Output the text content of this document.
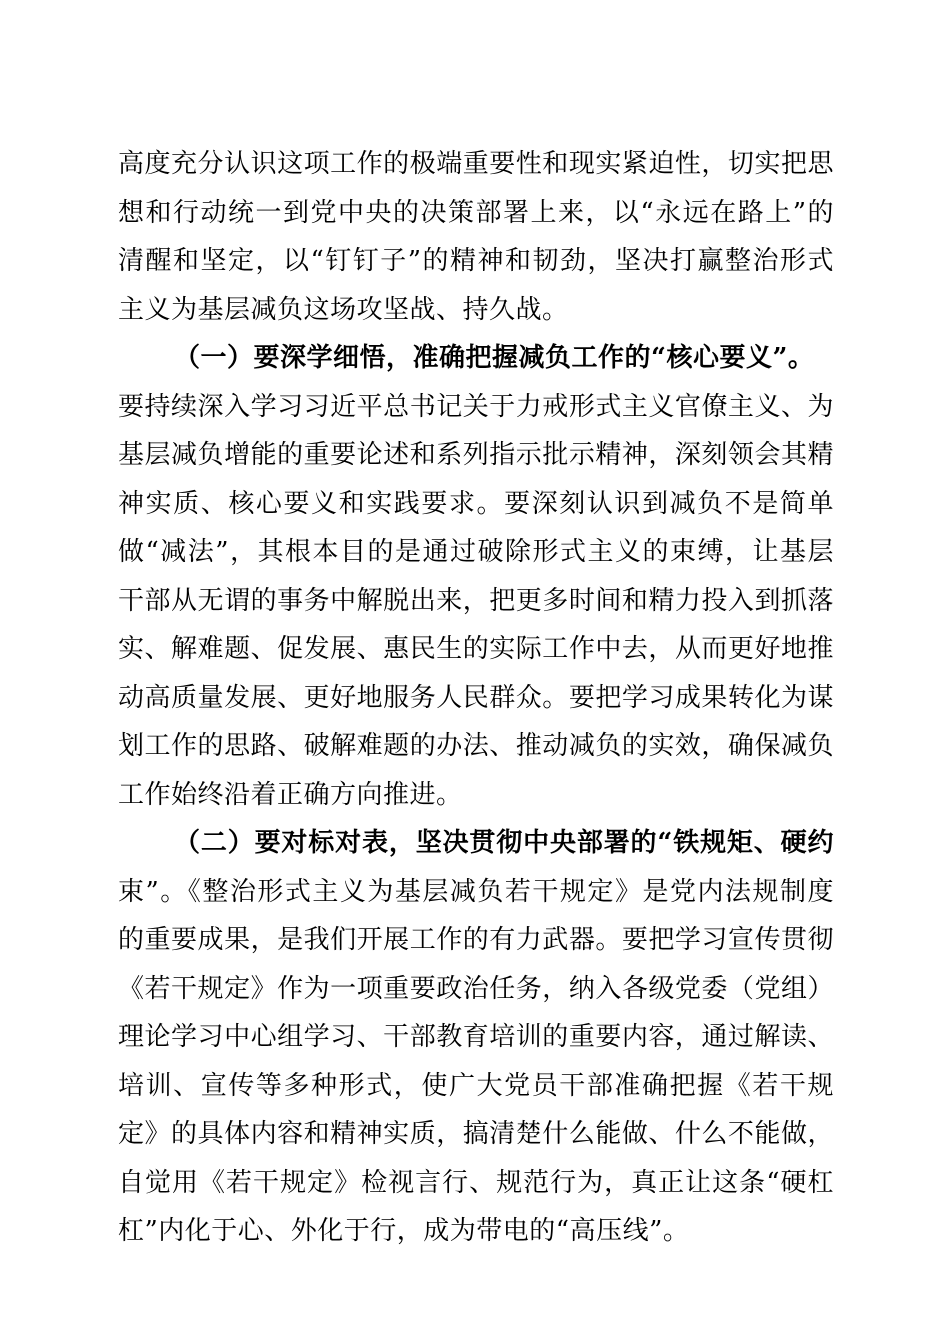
高度充分认识这项工作的极端重要性和现实紧迫性，切实把思
想和行动统一到党中央的决策部署上来，以“永远在路上”的
清醒和坚定，以“钉钉子”的精神和韧劲，坚决打赢整治形式
主义为基层减负这场攻坚战、持久战。
（一）要深学细悟，准确把握减负工作的“核心要义”。
要持续深入学习习近平总书记关于力戒形式主义官僚主义、为
基层减负增能的重要论述和系列指示批示精神，深刻领会其精
神实质、核心要义和实践要求。要深刻认识到减负不是简单
做“减法”，其根本目的是通过破除形式主义的束缚，让基层
干部从无谓的事务中解脱出来，把更多时间和精力投入到抓落
实、解难题、促发展、惠民生的实际工作中去，从而更好地推
动高质量发展、更好地服务人民群众。要把学习成果转化为谋
划工作的思路、破解难题的办法、推动减负的实效，确保减负
工作始终沿着正确方向推进。
（二）要对标对表，坚决贯彻中央部署的“铁规矩、硬约
束”。《整治形式主义为基层减负若干规定》是党内法规制度
的重要成果，是我们开展工作的有力武器。要把学习宣传贯彻
《若干规定》作为一项重要政治任务，纳入各级党委（党组）
理论学习中心组学习、干部教育培训的重要内容，通过解读、
培训、宣传等多种形式，使广大党员干部准确把握《若干规
定》的具体内容和精神实质，搞清楚什么能做、什么不能做，
自觉用《若干规定》检视言行、规范行为，真正让这条“硬杠
杠”内化于心、外化于行，成为带电的“高压线”。
